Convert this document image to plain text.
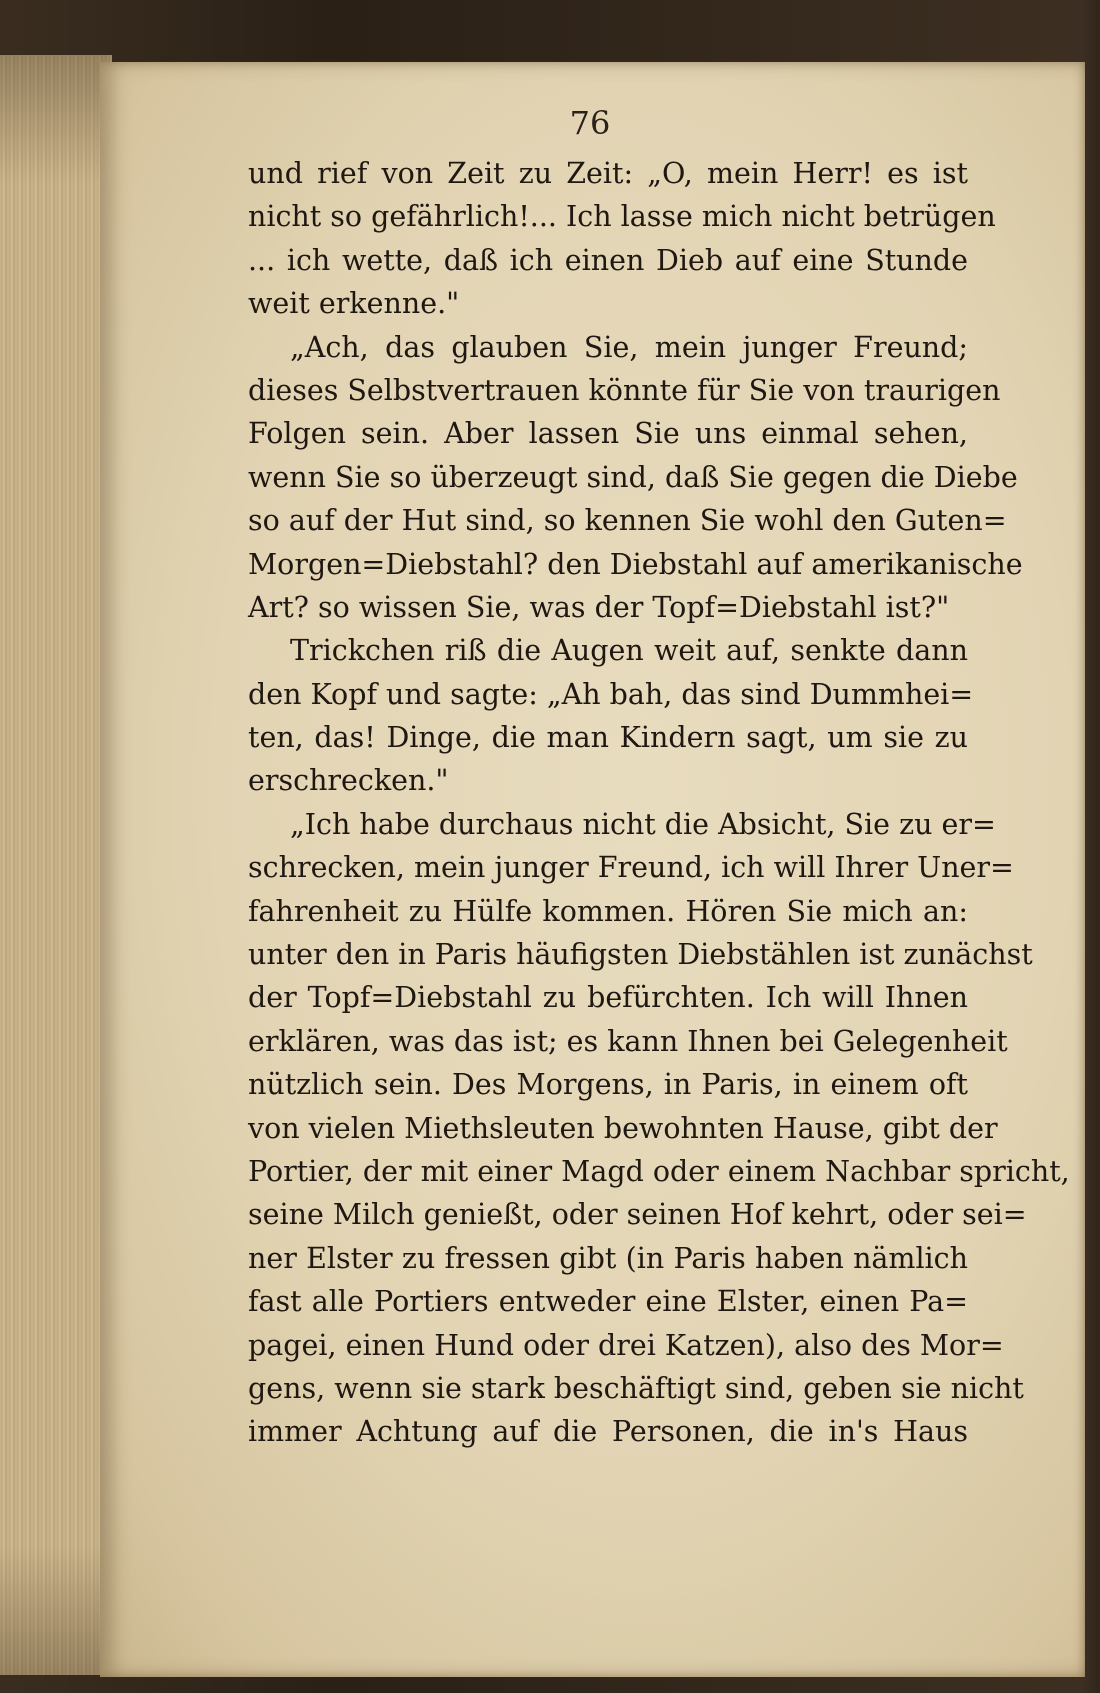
76
und rief von Zeit zu Zeit: „O, mein Herr! es ist
nicht so gefährlich!... Ich lasse mich nicht betrügen
... ich wette, daß ich einen Dieb auf eine Stunde
weit erkenne."
„Ach, das glauben Sie, mein junger Freund;
dieses Selbstvertrauen könnte für Sie von traurigen
Folgen sein. Aber lassen Sie uns einmal sehen,
wenn Sie so überzeugt sind, daß Sie gegen die Diebe
so auf der Hut sind, so kennen Sie wohl den Guten=
Morgen=Diebstahl? den Diebstahl auf amerikanische
Art? so wissen Sie, was der Topf=Diebstahl ist?"
Trickchen riß die Augen weit auf, senkte dann
den Kopf und sagte: „Ah bah, das sind Dummhei=
ten, das! Dinge, die man Kindern sagt, um sie zu
erschrecken."
„Ich habe durchaus nicht die Absicht, Sie zu er=
schrecken, mein junger Freund, ich will Ihrer Uner=
fahrenheit zu Hülfe kommen. Hören Sie mich an:
unter den in Paris häufigsten Diebstählen ist zunächst
der Topf=Diebstahl zu befürchten. Ich will Ihnen
erklären, was das ist; es kann Ihnen bei Gelegenheit
nützlich sein. Des Morgens, in Paris, in einem oft
von vielen Miethsleuten bewohnten Hause, gibt der
Portier, der mit einer Magd oder einem Nachbar spricht,
seine Milch genießt, oder seinen Hof kehrt, oder sei=
ner Elster zu fressen gibt (in Paris haben nämlich
fast alle Portiers entweder eine Elster, einen Pa=
pagei, einen Hund oder drei Katzen), also des Mor=
gens, wenn sie stark beschäftigt sind, geben sie nicht
immer Achtung auf die Personen, die in's Haus
